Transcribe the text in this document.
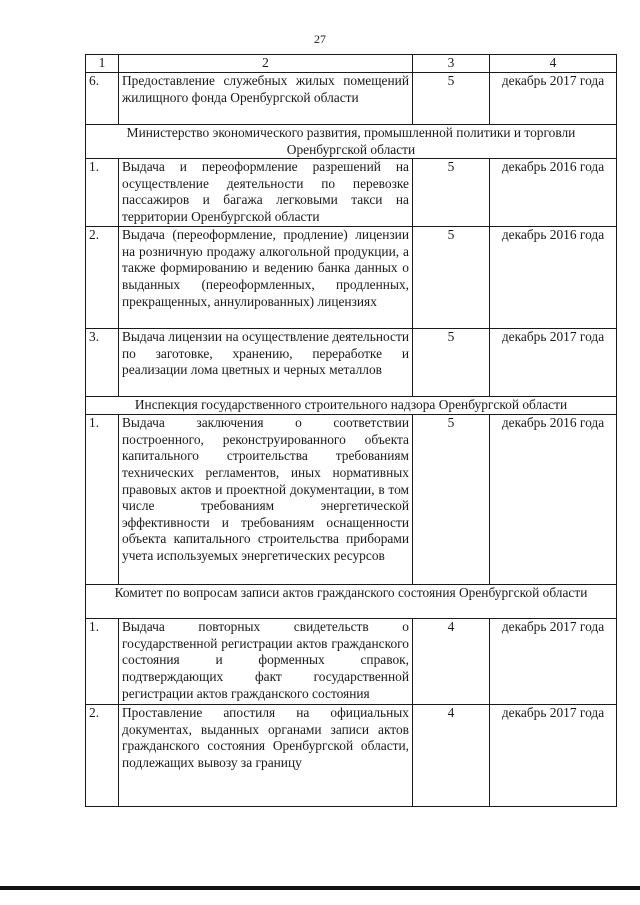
27
1	2	3	4
6.	Предоставление служебных жилых помещений жилищного фонда Оренбургской области	5	декабрь 2017 года
Министерство экономического развития, промышленной политики и торговли Оренбургской области			
1.	Выдача и переоформление разрешений на осуществление деятельности по перевозке пассажиров и багажа легковыми такси на территории Оренбургской области	5	декабрь 2016 года
2.	Выдача (переоформление, продление) лицензии на розничную продажу алкогольной продукции, а также формированию и ведению банка данных о выданных (переоформленных, продленных, прекращенных, аннулированных) лицензиях	5	декабрь 2016 года
3.	Выдача лицензии на осуществление деятельности по заготовке, хранению, переработке и реализации лома цветных и черных металлов	5	декабрь 2017 года
Инспекция государственного строительного надзора Оренбургской области			
1.	Выдача заключения о соответствии построенного, реконструированного объекта капитального строительства требованиям технических регламентов, иных нормативных правовых актов и проектной документации, в том числе требованиям энергетической эффективности и требованиям оснащенности объекта капитального строительства приборами учета используемых энергетических ресурсов	5	декабрь 2016 года
Комитет по вопросам записи актов гражданского состояния Оренбургской области			
1.	Выдача повторных свидетельств о государственной регистрации актов гражданского состояния и форменных справок, подтверждающих факт государственной регистрации актов гражданского состояния	4	декабрь 2017 года
2.	Проставление апостиля на официальных документах, выданных органами записи актов гражданского состояния Оренбургской области, подлежащих вывозу за границу	4	декабрь 2017 года
